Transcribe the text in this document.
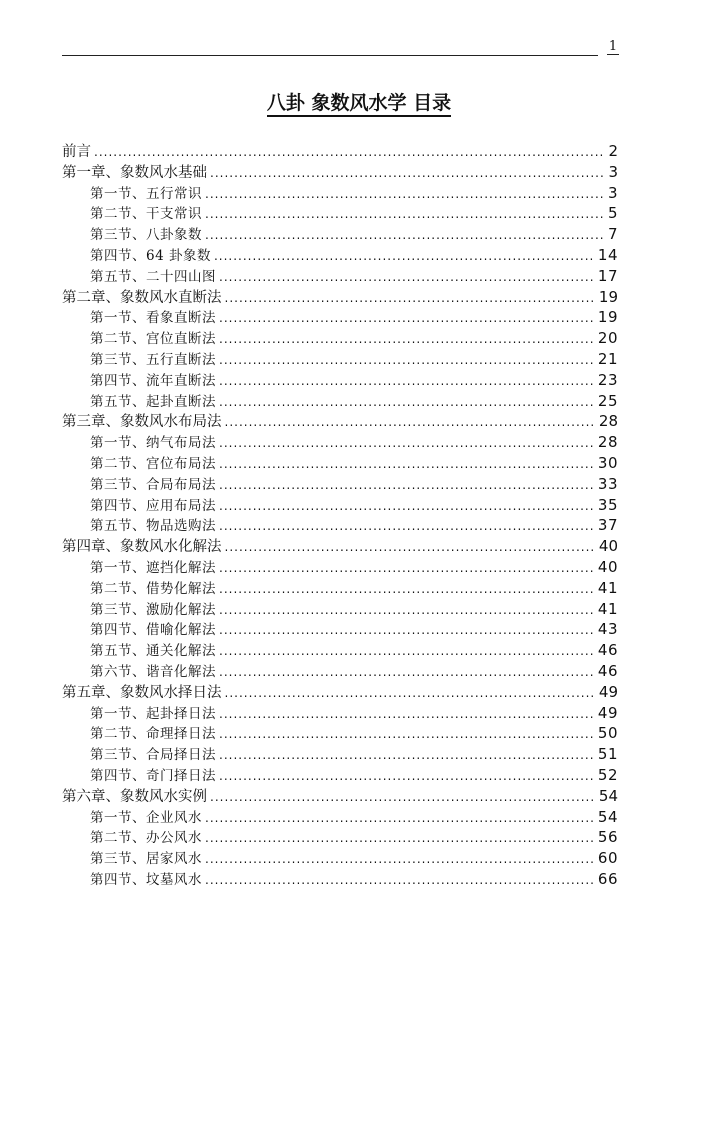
1
八卦 象数风水学 目录
前言 .....	2
第一章、象数风水基础 .....	3
第一节、五行常识 .....	3
第二节、干支常识 .....	5
第三节、八卦象数 .....	7
第四节、64 卦象数 .....	14
第五节、二十四山图 .....	17
第二章、象数风水直断法 .....	19
第一节、看象直断法 .....	19
第二节、宫位直断法 .....	20
第三节、五行直断法 .....	21
第四节、流年直断法 .....	23
第五节、起卦直断法 .....	25
第三章、象数风水布局法 .....	28
第一节、纳气布局法 .....	28
第二节、宫位布局法 .....	30
第三节、合局布局法 .....	33
第四节、应用布局法 .....	35
第五节、物品选购法 .....	37
第四章、象数风水化解法 .....	40
第一节、遮挡化解法 .....	40
第二节、借势化解法 .....	41
第三节、激励化解法 .....	41
第四节、借喻化解法 .....	43
第五节、通关化解法 .....	46
第六节、谐音化解法 .....	46
第五章、象数风水择日法 .....	49
第一节、起卦择日法 .....	49
第二节、命理择日法 .....	50
第三节、合局择日法 .....	51
第四节、奇门择日法 .....	52
第六章、象数风水实例 .....	54
第一节、企业风水 .....	54
第二节、办公风水 .....	56
第三节、居家风水 .....	60
第四节、坟墓风水 .....	66
